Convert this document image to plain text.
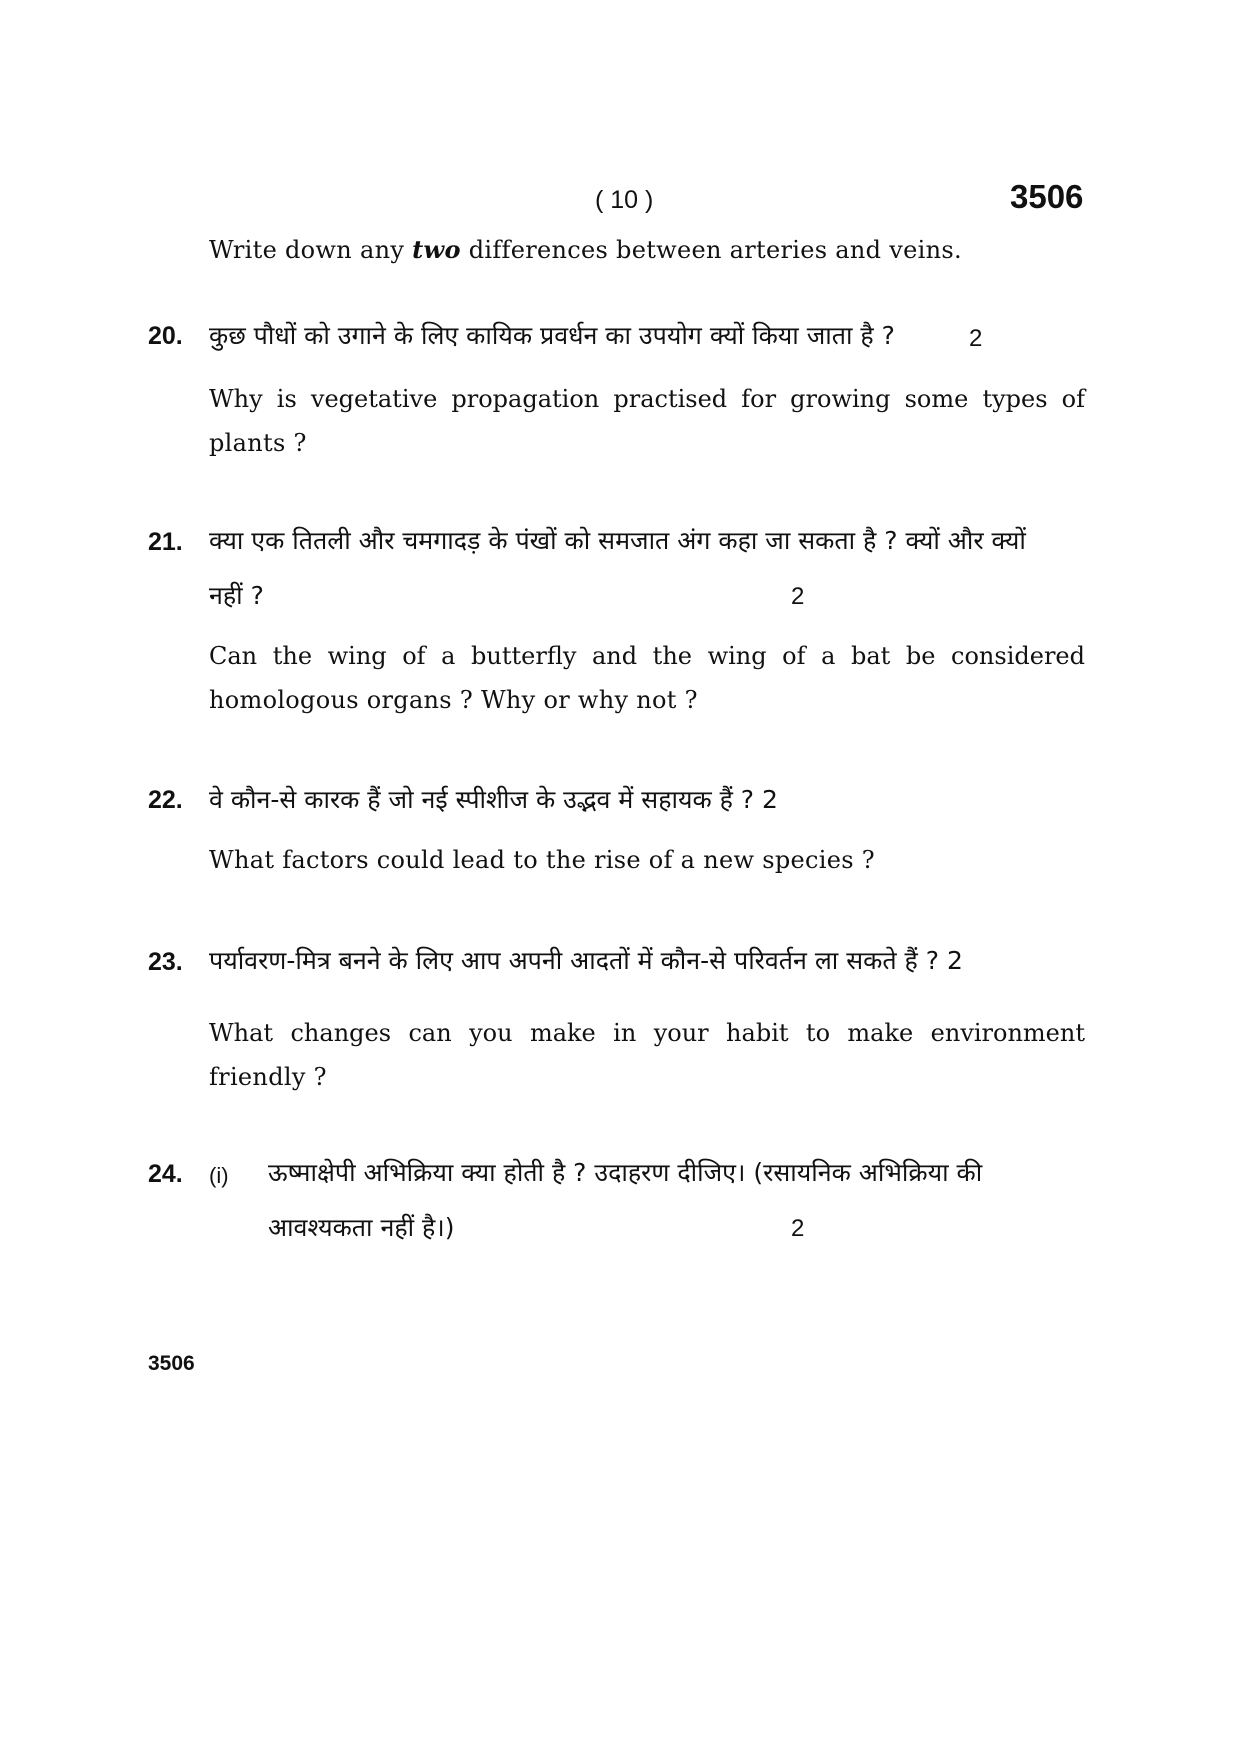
( 10 )	3506
Write down any two differences between arteries and veins.
20. कुछ पौधों को उगाने के लिए कायिक प्रवर्धन का उपयोग क्यों किया जाता है ?	2
Why is vegetative propagation practised for growing some types of
plants ?
21. क्या एक तितली और चमगादड़ के पंखों को समजात अंग कहा जा सकता है ? क्यों और क्यों
नहीं ?	2
Can the wing of a butterfly and the wing of a bat be considered
homologous organs ? Why or why not ?
22. वे कौन-से कारक हैं जो नई स्पीशीज के उद्भव में सहायक हैं ? 2
What factors could lead to the rise of a new species ?
23. पर्यावरण-मित्र बनने के लिए आप अपनी आदतों में कौन-से परिवर्तन ला सकते हैं ? 2
What changes can you make in your habit to make environment
friendly ?
24. (i) ऊष्माक्षेपी अभिक्रिया क्या होती है ? उदाहरण दीजिए। (रसायनिक अभिक्रिया की
आवश्यकता नहीं है।)	2
3506
